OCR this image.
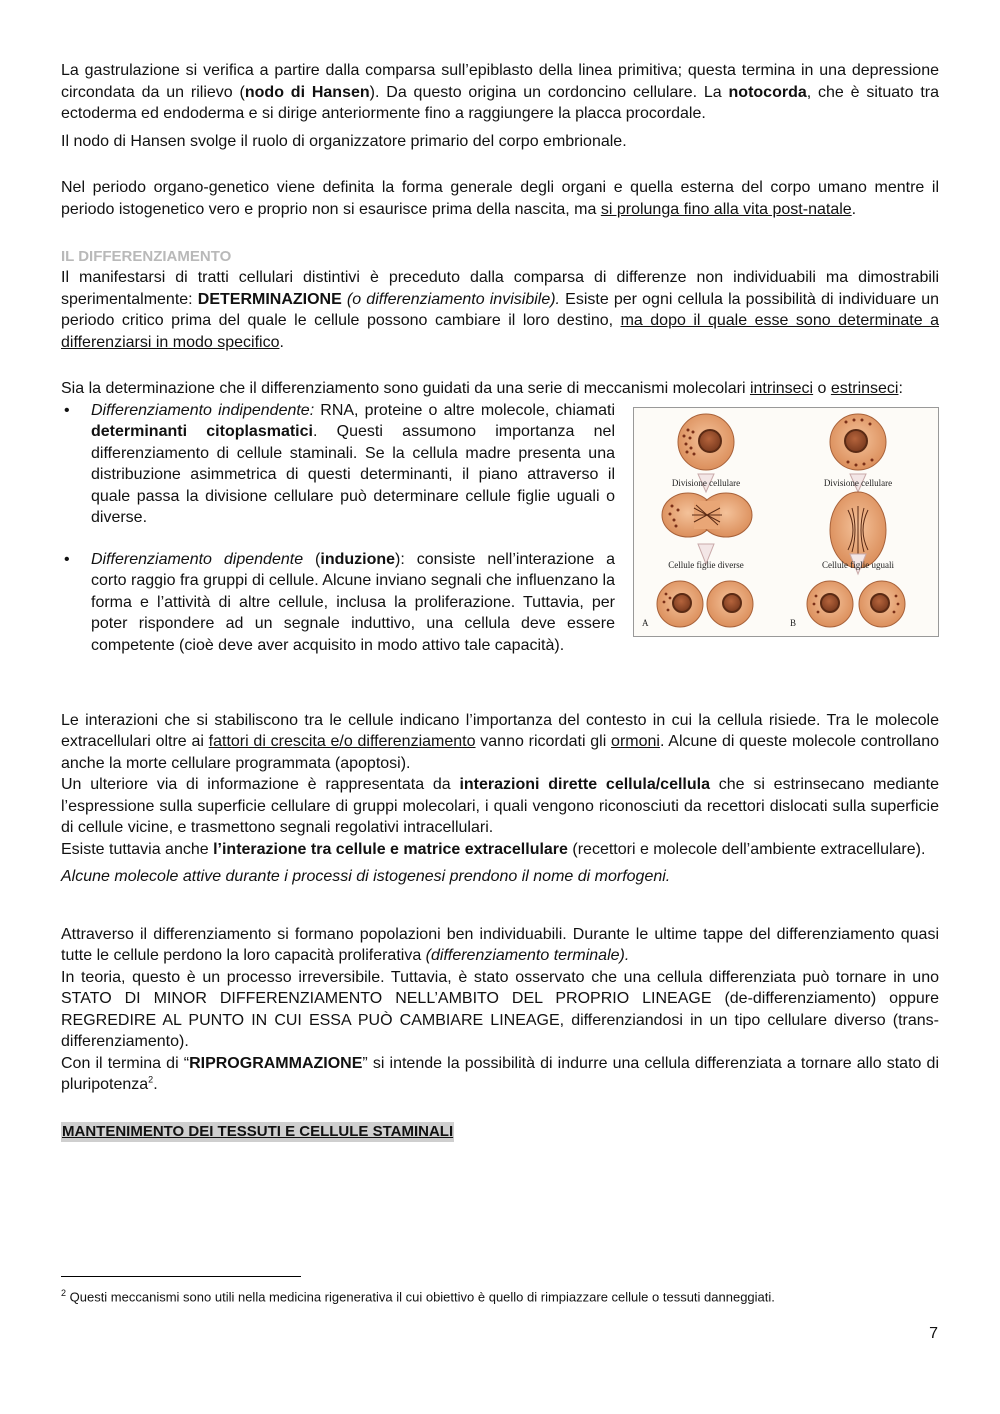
La gastrulazione si verifica a partire dalla comparsa sull’epiblasto della linea primitiva; questa termina in una depressione circondata da un rilievo (nodo di Hansen). Da questo origina un cordoncino cellulare. La notocorda, che è situato tra ectoderma ed endoderma e si dirige anteriormente fino a raggiungere la placca procordale.

Il nodo di Hansen svolge il ruolo di organizzatore primario del corpo embrionale.

Nel periodo organo-genetico viene definita la forma generale degli organi e quella esterna del corpo umano mentre il periodo istogenetico vero e proprio non si esaurisce prima della nascita, ma si prolunga fino alla vita post-natale.

IL DIFFERENZIAMENTO

Il manifestarsi di tratti cellulari distintivi è preceduto dalla comparsa di differenze non individuabili ma dimostrabili sperimentalmente: DETERMINAZIONE (o differenziamento invisibile). Esiste per ogni cellula la possibilità di individuare un periodo critico prima del quale le cellule possono cambiare il loro destino, ma dopo il quale esse sono determinate a differenziarsi in modo specifico.

Sia la determinazione che il differenziamento sono guidati da una serie di meccanismi molecolari intrinseci o estrinseci:

• Differenziamento indipendente: RNA, proteine o altre molecole, chiamati determinanti citoplasmatici. Questi assumono importanza nel differenziamento di cellule staminali. Se la cellula madre presenta una distribuzione asimmetrica di questi determinanti, il piano attraverso il quale passa la divisione cellulare può determinare cellule figlie uguali o diverse.

• Differenziamento dipendente (induzione): consiste nell’interazione a corto raggio fra gruppi di cellule. Alcune inviano segnali che influenzano la forma e l’attività di altre cellule, inclusa la proliferazione. Tuttavia, per poter rispondere ad un segnale induttivo, una cellula deve essere competente (cioè deve aver acquisito in modo attivo tale capacità).

Divisione cellulare
Cellule figlie diverse
A
Divisione cellulare
Cellule figlie uguali
B

Le interazioni che si stabiliscono tra le cellule indicano l’importanza del contesto in cui la cellula risiede. Tra le molecole extracellulari oltre ai fattori di crescita e/o differenziamento vanno ricordati gli ormoni. Alcune di queste molecole controllano anche la morte cellulare programmata (apoptosi).

Un ulteriore via di informazione è rappresentata da interazioni dirette cellula/cellula che si estrinsecano mediante l’espressione sulla superficie cellulare di gruppi molecolari, i quali vengono riconosciuti da recettori dislocati sulla superficie di cellule vicine, e trasmettono segnali regolativi intracellulari.

Esiste tuttavia anche l’interazione tra cellule e matrice extracellulare (recettori e molecole dell’ambiente extracellulare).

Alcune molecole attive durante i processi di istogenesi prendono il nome di morfogeni.

Attraverso il differenziamento si formano popolazioni ben individuabili. Durante le ultime tappe del differenziamento quasi tutte le cellule perdono la loro capacità proliferativa (differenziamento terminale).

In teoria, questo è un processo irreversibile. Tuttavia, è stato osservato che una cellula differenziata può tornare in uno STATO DI MINOR DIFFERENZIAMENTO NELL’AMBITO DEL PROPRIO LINEAGE (de-differenziamento) oppure REGREDIRE AL PUNTO IN CUI ESSA PUÒ CAMBIARE LINEAGE, differenziandosi in un tipo cellulare diverso (trans-differenziamento).

Con il termina di “RIPROGRAMMAZIONE” si intende la possibilità di indurre una cellula differenziata a tornare allo stato di pluripotenza$^2$.

MANTENIMENTO DEI TESSUTI E CELLULE STAMINALI
$^2$ Questi meccanismi sono utili nella medicina rigenerativa il cui obiettivo è quello di rimpiazzare cellule o tessuti danneggiati.
7
